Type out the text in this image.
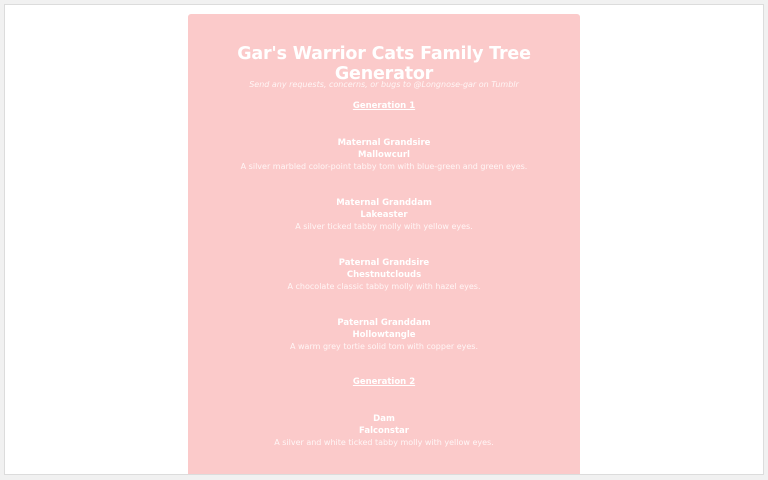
Gar's Warrior Cats Family Tree Generator
Send any requests, concerns, or bugs to @Longnose-gar on Tumblr
Generation 1
Maternal Grandsire
Mallowcurl
A silver marbled color-point tabby tom with blue-green and green eyes.
Maternal Granddam
Lakeaster
A silver ticked tabby molly with yellow eyes.
Paternal Grandsire
Chestnutclouds
A chocolate classic tabby molly with hazel eyes.
Paternal Granddam
Hollowtangle
A warm grey tortie solid tom with copper eyes.
Generation 2
Dam
Falconstar
A silver and white ticked tabby molly with yellow eyes.
